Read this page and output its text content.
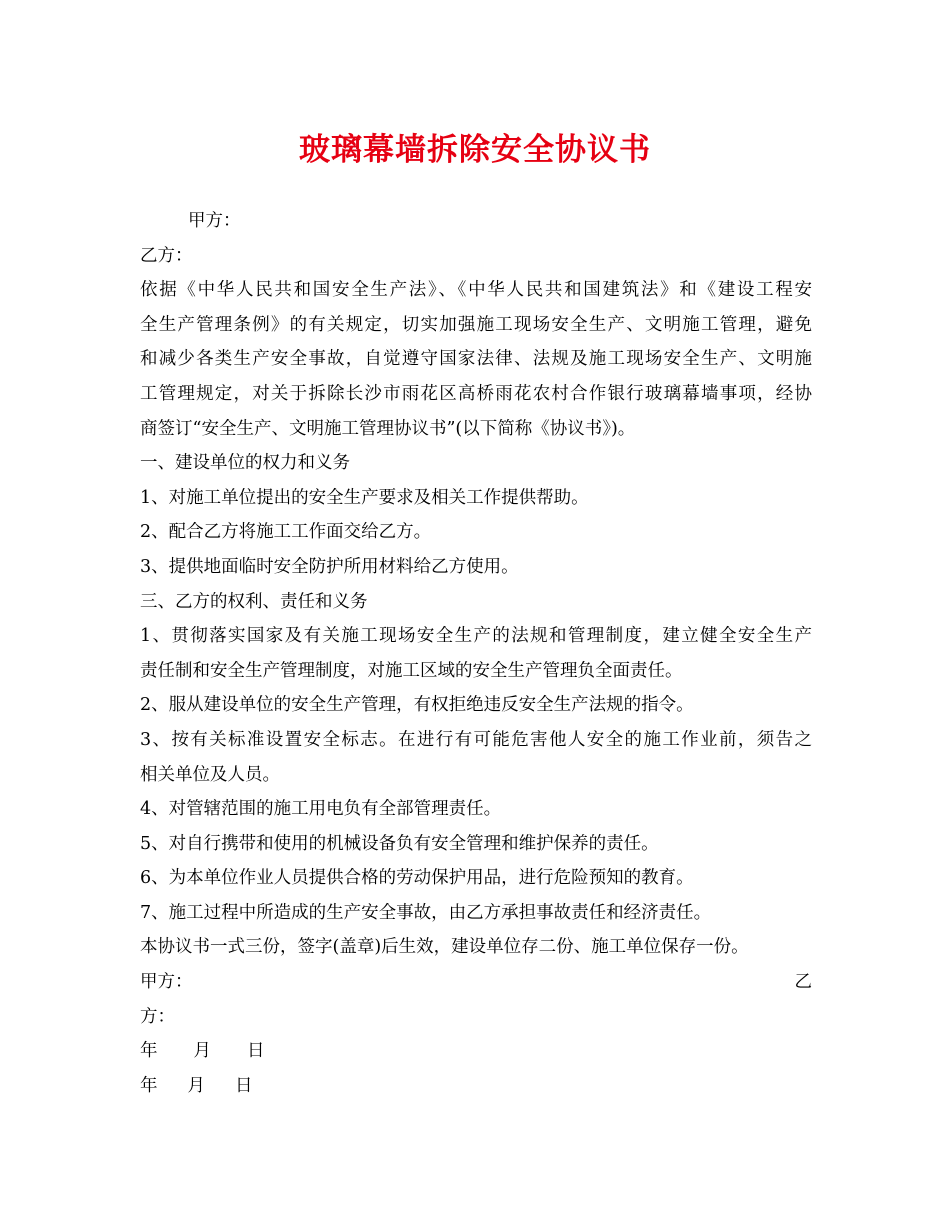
玻璃幕墙拆除安全协议书
甲方：
乙方：
依据《中华人民共和国安全生产法》、《中华人民共和国建筑法》和《建设工程安
全生产管理条例》的有关规定，切实加强施工现场安全生产、文明施工管理，避免
和减少各类生产安全事故，自觉遵守国家法律、法规及施工现场安全生产、文明施
工管理规定，对关于拆除长沙市雨花区高桥雨花农村合作银行玻璃幕墙事项，经协
商签订“安全生产、文明施工管理协议书”(以下简称《协议书》)。
一、建设单位的权力和义务
1、对施工单位提出的安全生产要求及相关工作提供帮助。
2、配合乙方将施工工作面交给乙方。
3、提供地面临时安全防护所用材料给乙方使用。
三、乙方的权利、责任和义务
1、贯彻落实国家及有关施工现场安全生产的法规和管理制度，建立健全安全生产
责任制和安全生产管理制度，对施工区域的安全生产管理负全面责任。
2、服从建设单位的安全生产管理，有权拒绝违反安全生产法规的指令。
3、按有关标准设置安全标志。在进行有可能危害他人安全的施工作业前，须告之
相关单位及人员。
4、对管辖范围的施工用电负有全部管理责任。
5、对自行携带和使用的机械设备负有安全管理和维护保养的责任。
6、为本单位作业人员提供合格的劳动保护用品，进行危险预知的教育。
7、施工过程中所造成的生产安全事故，由乙方承担事故责任和经济责任。
本协议书一式三份，签字(盖章)后生效，建设单位存二份、施工单位保存一份。
甲方：	乙
方：
年 月 日
年 月 日
